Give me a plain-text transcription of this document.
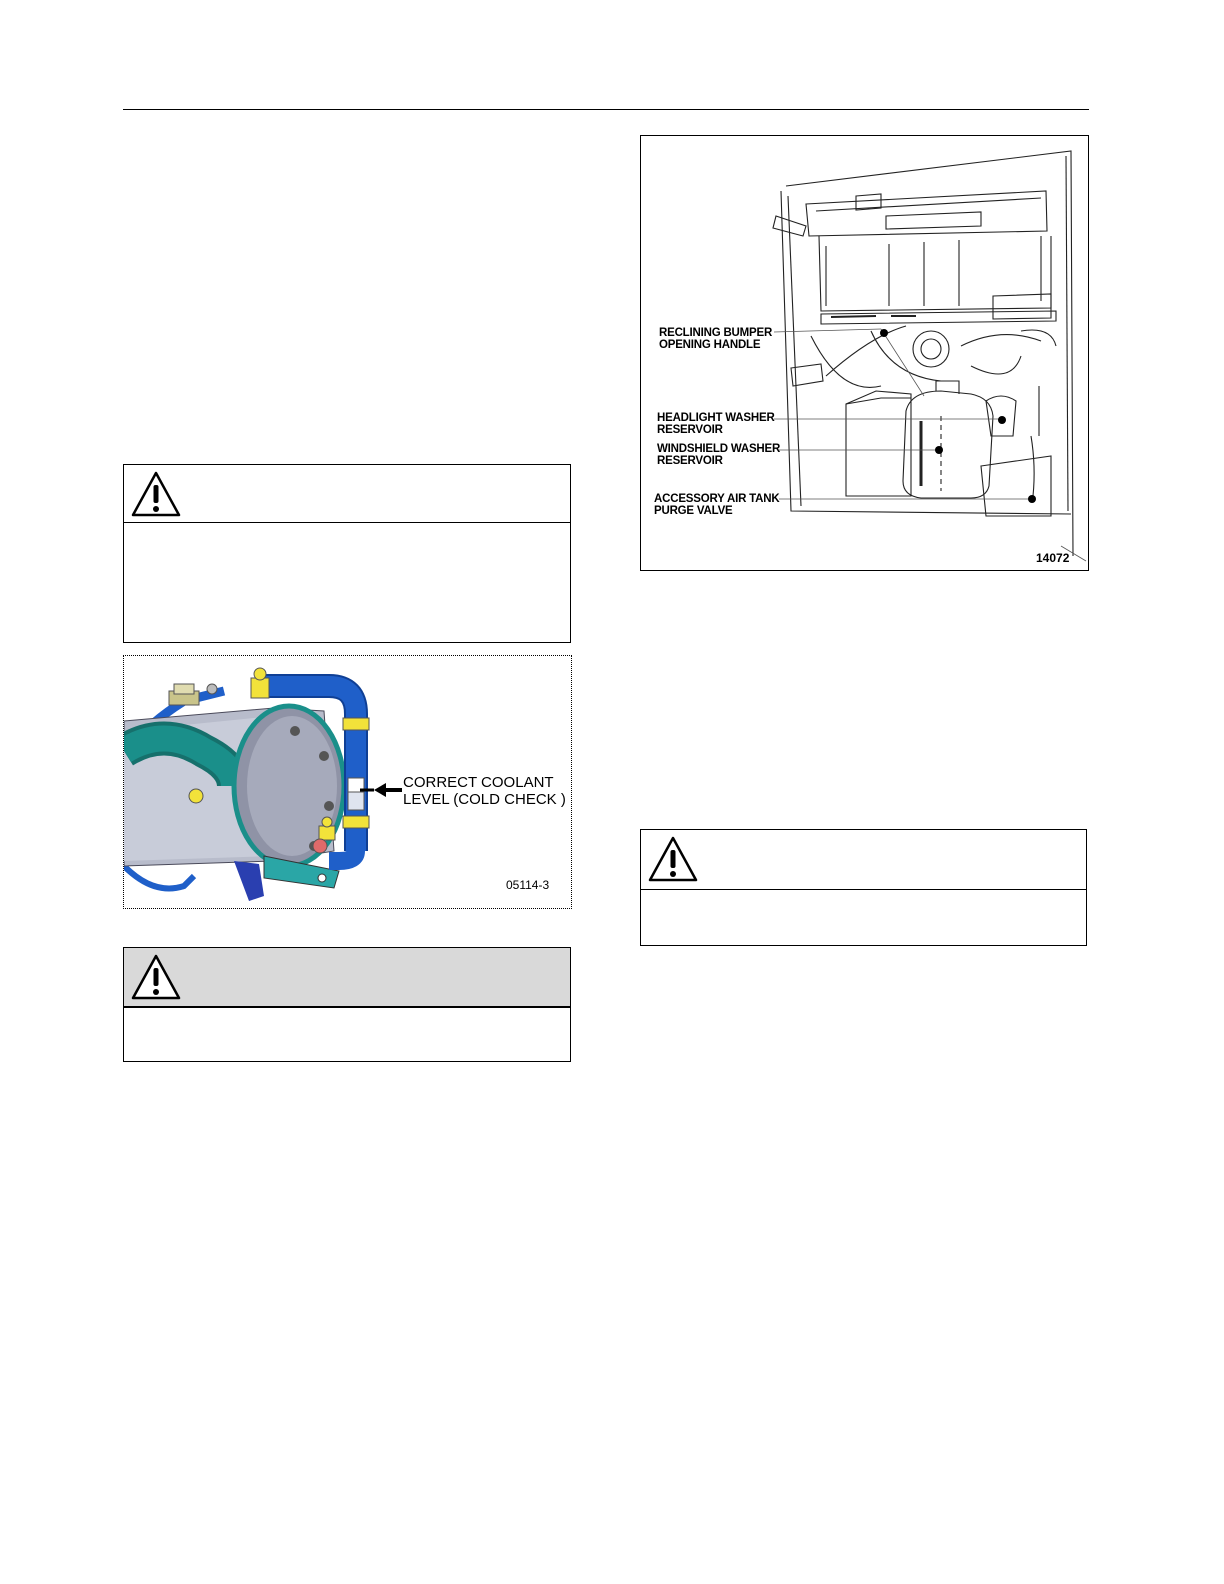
CORRECT COOLANT
LEVEL (COLD CHECK )
05114-3
RECLINING BUMPER
OPENING HANDLE
HEADLIGHT WASHER
RESERVOIR
WINDSHIELD WASHER
RESERVOIR
ACCESSORY AIR TANK
PURGE VALVE
14072
